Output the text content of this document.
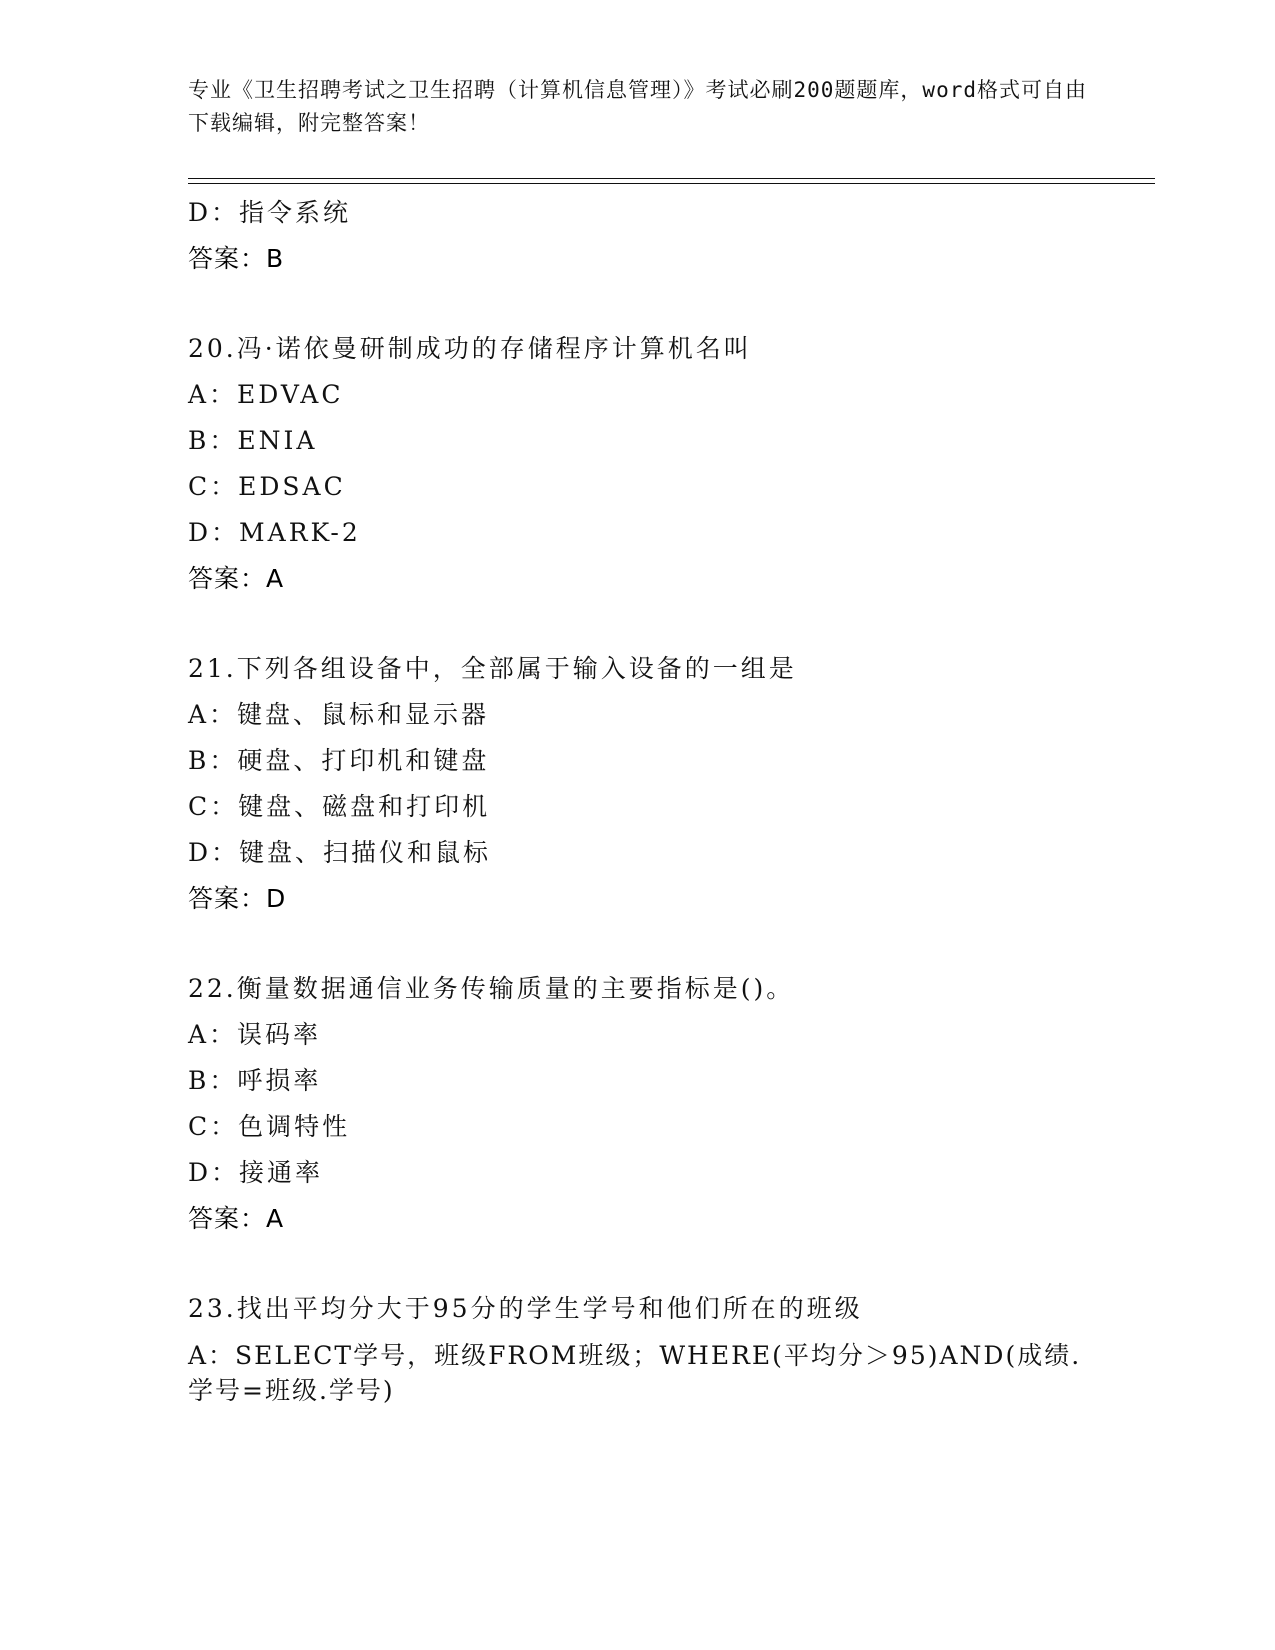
专业《卫生招聘考试之卫生招聘（计算机信息管理）》考试必刷200题题库，word格式可自由下载编辑，附完整答案！
D：指令系统
答案：B
20.冯·诺依曼研制成功的存储程序计算机名叫
A：EDVAC
B：ENIA
C：EDSAC
D：MARK-2
答案：A
21.下列各组设备中，全部属于输入设备的一组是
A：键盘、鼠标和显示器
B：硬盘、打印机和键盘
C：键盘、磁盘和打印机
D：键盘、扫描仪和鼠标
答案：D
22.衡量数据通信业务传输质量的主要指标是()。
A：误码率
B：呼损率
C：色调特性
D：接通率
答案：A
23.找出平均分大于95分的学生学号和他们所在的班级
A：SELECT学号，班级FROM班级；WHERE(平均分＞95)AND(成绩.学号=班级.学号)
